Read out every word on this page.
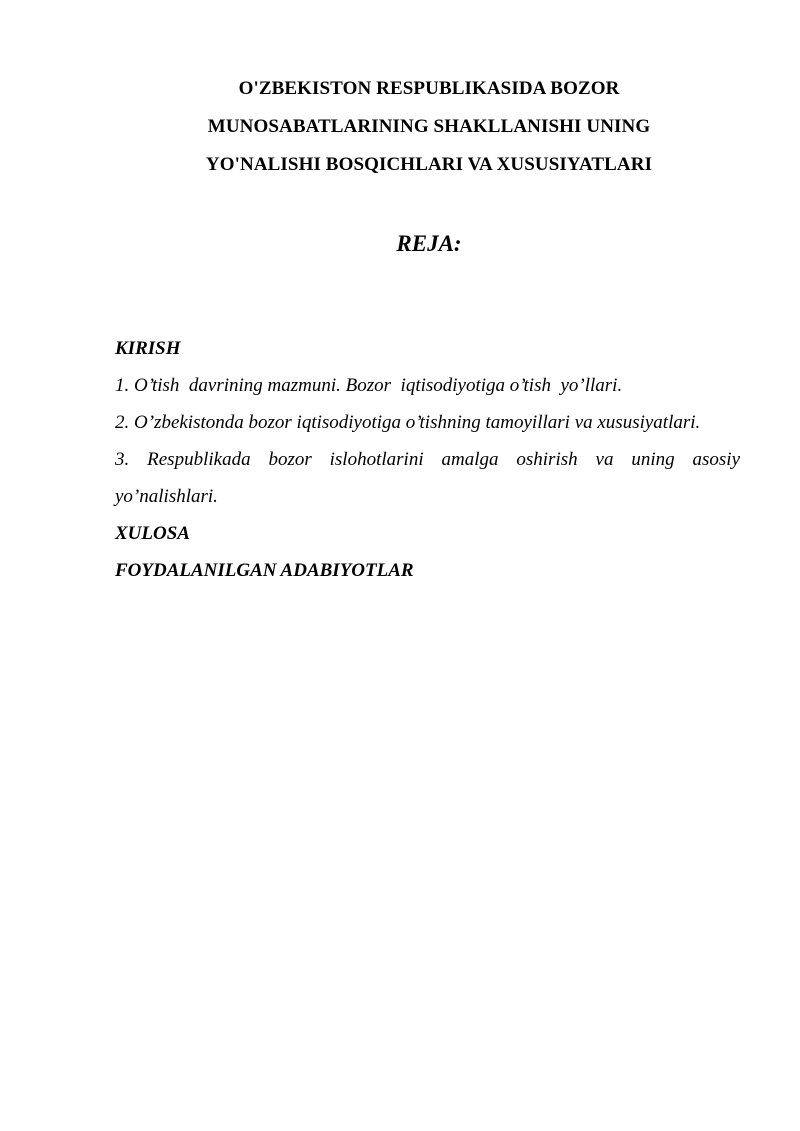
O'ZBEKISTON RESPUBLIKASIDA BOZOR
MUNOSABATLARINING SHAKLLANISHI UNING
YO'NALISHI BOSQICHLARI VA XUSUSIYATLARI
REJA:
KIRISH
1. O’tish  davrining mazmuni. Bozor  iqtisodiyotiga o’tish  yo’llari.
2. O’zbekistonda bozor iqtisodiyotiga o’tishning tamoyillari va xususiyatlari.
3. Respublikada bozor islohotlarini amalga oshirish va uning asosiy yo’nalishlari.
XULOSA
FOYDALANILGAN ADABIYOTLAR
